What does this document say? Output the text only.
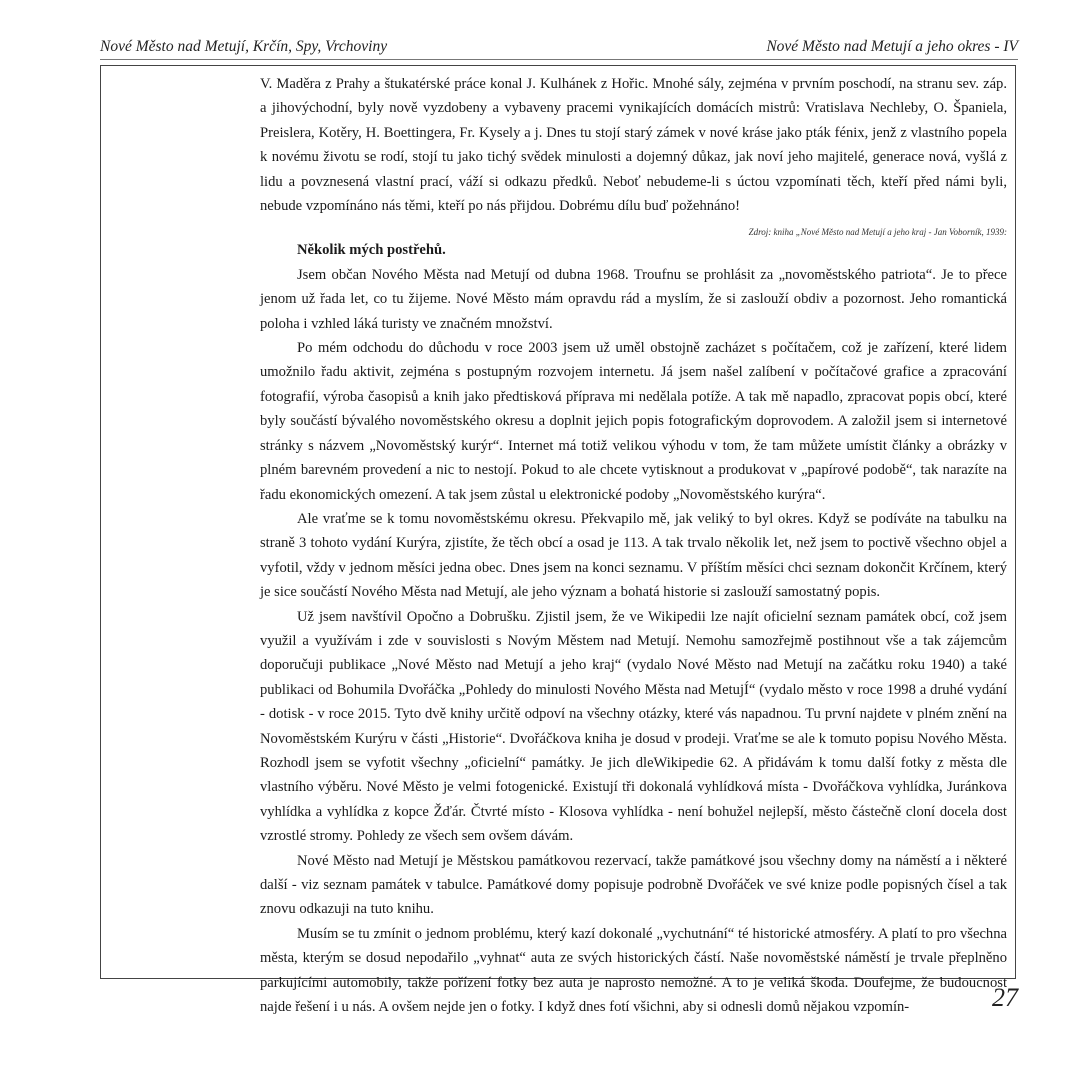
Nové Město nad Metují, Krčín, Spy, Vrchoviny	Nové Město nad Metují a jeho okres - IV

V. Maděra z Prahy a štukatérské práce konal J. Kulhánek z Hořic. Mnohé sály, zejména v prvním poschodí, na stranu sev. záp. a jihovýchodní, byly nově vyzdobeny a vybaveny pracemi vynikajících domácích mistrů: Vratislava Nechleby, O. Španiela, Preislera, Kotěry, H. Boettingera, Fr. Kysely a j. Dnes tu stojí starý zámek v nové kráse jako pták fénix, jenž z vlastního popela k novému životu se rodí, stojí tu jako tichý svědek minulosti a dojemný důkaz, jak noví jeho majitelé, generace nová, vyšlá z lidu a povznesená vlastní prací, váží si odkazu předků. Neboť nebudeme-li s úctou vzpomínati těch, kteří před námi byli, nebude vzpomínáno nás těmi, kteří po nás přijdou. Dobrému dílu buď požehnáno!

Zdroj: kniha „Nové Město nad Metují a jeho kraj - Jan Voborník, 1939:

Několik mých postřehů.

Jsem občan Nového Města nad Metují od dubna 1968. Troufnu se prohlásit za „novoměstského patriota“. Je to přece jenom už řada let, co tu žijeme. Nové Město mám opravdu rád a myslím, že si zaslouží obdiv a pozornost. Jeho romantická poloha i vzhled láká turisty ve značném množství.

Po mém odchodu do důchodu v roce 2003 jsem už uměl obstojně zacházet s počítačem, což je zařízení, které lidem umožnilo řadu aktivit, zejména s postupným rozvojem internetu. Já jsem našel zalíbení v počítačové grafice a zpracování fotografií, výroba časopisů a knih jako předtisková příprava mi nedělala potíže. A tak mě napadlo, zpracovat popis obcí, které byly součástí bývalého novoměstského okresu a doplnit jejich popis fotografickým doprovodem. A založil jsem si internetové stránky s názvem „Novoměstský kurýr“. Internet má totiž velikou výhodu v tom, že tam můžete umístit články a obrázky v plném barevném provedení a nic to nestojí. Pokud to ale chcete vytisknout a produkovat v „papírové podobě“, tak narazíte na řadu ekonomických omezení. A tak jsem zůstal u elektronické podoby „Novoměstského kurýra“.

Ale vraťme se k tomu novoměstskému okresu. Překvapilo mě, jak veliký to byl okres. Když se podíváte na tabulku na straně 3 tohoto vydání Kurýra, zjistíte, že těch obcí a osad je 113. A tak trvalo několik let, než jsem to poctivě všechno objel a vyfotil, vždy v jednom měsíci jedna obec. Dnes jsem na konci seznamu. V příštím měsíci chci seznam dokončit Krčínem, který je sice součástí Nového Města nad Metují, ale jeho význam a bohatá historie si zaslouží samostatný popis.

Už jsem navštívil Opočno a Dobrušku. Zjistil jsem, že ve Wikipedii lze najít oficielní seznam památek obcí, což jsem využil a využívám i zde v souvislosti s Novým Městem nad Metují. Nemohu samozřejmě postihnout vše a tak zájemcům doporučuji publikace „Nové Město nad Metují a jeho kraj“ (vydalo Nové Město nad Metují na začátku roku 1940) a také publikaci od Bohumila Dvořáčka „Pohledy do minulosti Nového Města nad MetujÍ“ (vydalo město v roce 1998 a druhé vydání - dotisk - v roce 2015. Tyto dvě knihy určitě odpoví na všechny otázky, které vás napadnou. Tu první najdete v plném znění na Novoměstském Kurýru v části „Historie“. Dvořáčkova kniha je dosud v prodeji. Vraťme se ale k tomuto popisu Nového Města. Rozhodl jsem se vyfotit všechny „oficielní“ památky. Je jich dleWikipedie 62. A přidávám k tomu další fotky z města dle vlastního výběru. Nové Město je velmi fotogenické. Existují tři dokonalá vyhlídková místa - Dvořáčkova vyhlídka, Juránkova vyhlídka a vyhlídka z kopce Žďár. Čtvrté místo - Klosova vyhlídka - není bohužel nejlepší, město částečně cloní docela dost vzrostlé stromy. Pohledy ze všech sem ovšem dávám.

Nové Město nad Metují je Městskou památkovou rezervací, takže památkové jsou všechny domy na náměstí a i některé další - viz seznam památek v tabulce. Památkové domy popisuje podrobně Dvořáček ve své knize podle popisných čísel a tak znovu odkazuji na tuto knihu.

Musím se tu zmínit o jednom problému, který kazí dokonalé „vychutnání“ té historické atmosféry. A platí to pro všechna města, kterým se dosud nepodařilo „vyhnat“ auta ze svých historických částí. Naše novoměstské náměstí je trvale přeplněno parkujícími automobily, takže pořízení fotky bez auta je naprosto nemožné. A to je veliká škoda. Doufejme, že budoucnost najde řešení i u nás. A ovšem nejde jen o fotky. I když dnes fotí všichni, aby si odnesli domů nějakou vzpomín-	27
